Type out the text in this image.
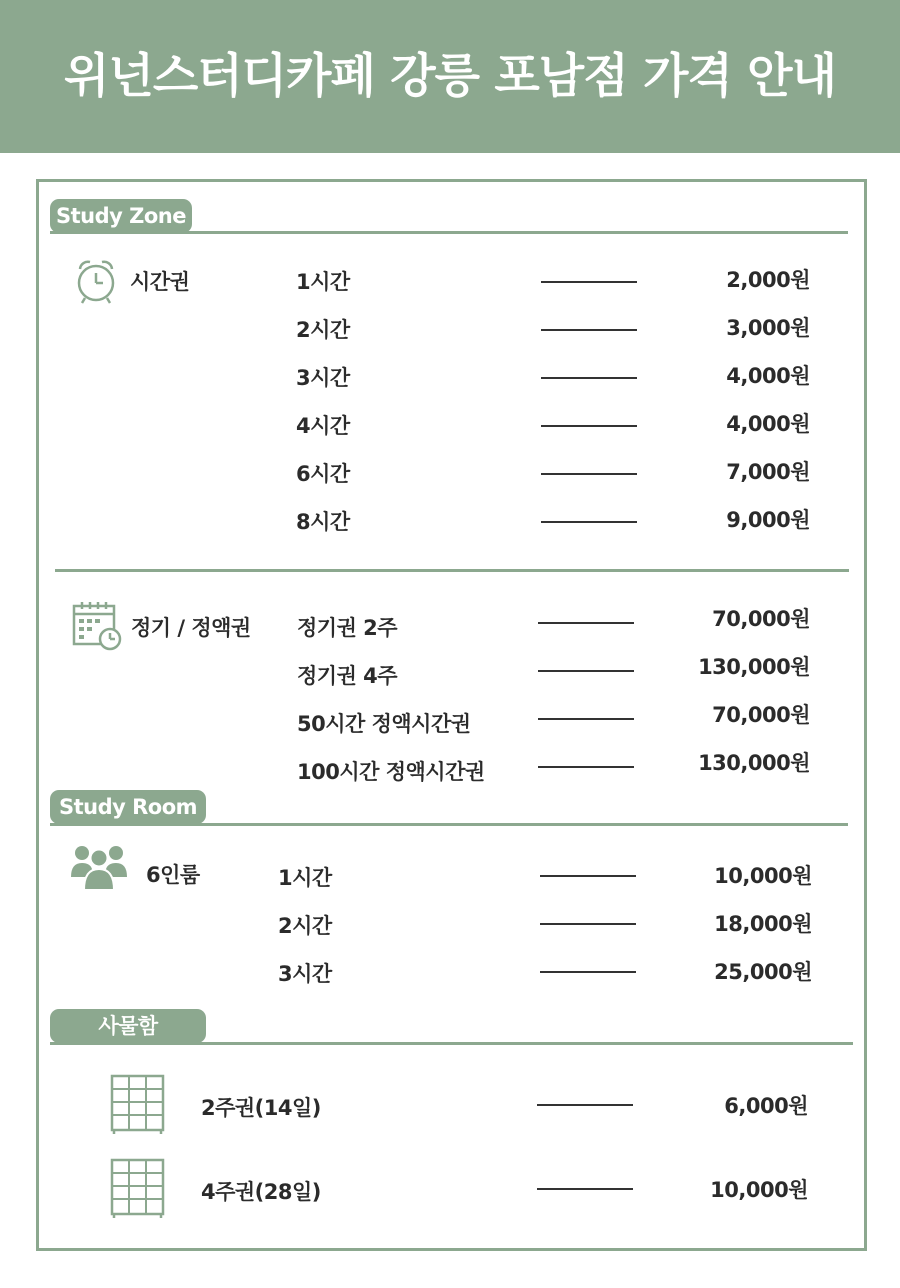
위넌스터디카페 강릉 포남점 가격 안내
Study Zone
시간권	1시간	2,000원
2시간	3,000원
3시간	4,000원
4시간	4,000원
6시간	7,000원
8시간	9,000원
정기 / 정액권 정기권 2주	70,000원
정기권 4주	130,000원
50시간 정액시간권	70,000원
100시간 정액시간권	130,000원
Study Room
6인룸	1시간	10,000원
2시간	18,000원
3시간	25,000원
사물함
2주권(14일)	6,000원
4주권(28일)	10,000원
